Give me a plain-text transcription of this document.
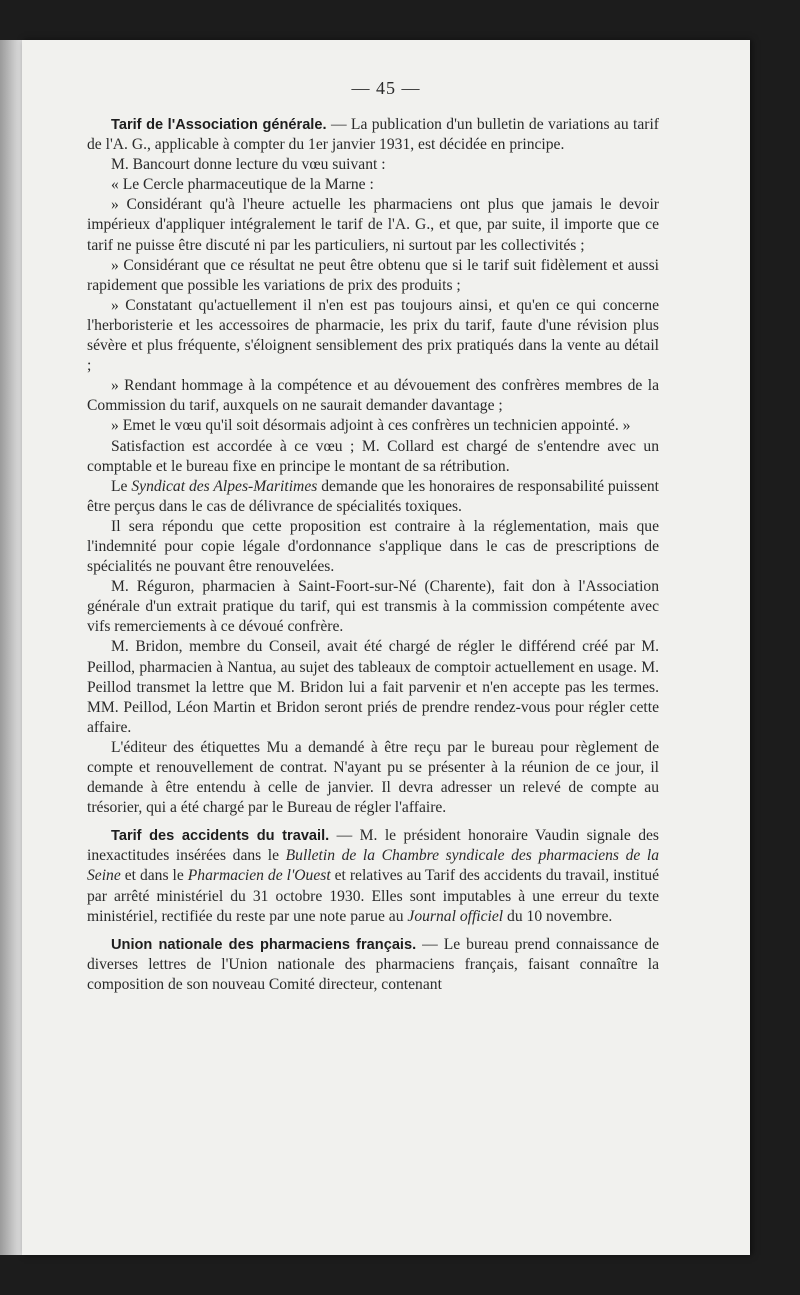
— 45 —

Tarif de l'Association générale. — La publication d'un bulletin de variations au tarif de l'A. G., applicable à compter du 1er janvier 1931, est décidée en principe.

M. Bancourt donne lecture du vœu suivant :

« Le Cercle pharmaceutique de la Marne :

» Considérant qu'à l'heure actuelle les pharmaciens ont plus que jamais le devoir impérieux d'appliquer intégralement le tarif de l'A. G., et que, par suite, il importe que ce tarif ne puisse être discuté ni par les particuliers, ni surtout par les collectivités ;

» Considérant que ce résultat ne peut être obtenu que si le tarif suit fidèlement et aussi rapidement que possible les variations de prix des produits ;

» Constatant qu'actuellement il n'en est pas toujours ainsi, et qu'en ce qui concerne l'herboristerie et les accessoires de pharmacie, les prix du tarif, faute d'une révision plus sévère et plus fréquente, s'éloignent sensiblement des prix pratiqués dans la vente au détail ;

» Rendant hommage à la compétence et au dévouement des confrères membres de la Commission du tarif, auxquels on ne saurait demander davantage ;

» Emet le vœu qu'il soit désormais adjoint à ces confrères un technicien appointé. »

Satisfaction est accordée à ce vœu ; M. Collard est chargé de s'entendre avec un comptable et le bureau fixe en principe le montant de sa rétribution.

Le Syndicat des Alpes-Maritimes demande que les honoraires de responsabilité puissent être perçus dans le cas de délivrance de spécialités toxiques.

Il sera répondu que cette proposition est contraire à la réglementation, mais que l'indemnité pour copie légale d'ordonnance s'applique dans le cas de prescriptions de spécialités ne pouvant être renouvelées.

M. Réguron, pharmacien à Saint-Foort-sur-Né (Charente), fait don à l'Association générale d'un extrait pratique du tarif, qui est transmis à la commission compétente avec vifs remerciements à ce dévoué confrère.

M. Bridon, membre du Conseil, avait été chargé de régler le différend créé par M. Peillod, pharmacien à Nantua, au sujet des tableaux de comptoir actuellement en usage. M. Peillod transmet la lettre que M. Bridon lui a fait parvenir et n'en accepte pas les termes. MM. Peillod, Léon Martin et Bridon seront priés de prendre rendez-vous pour régler cette affaire.

L'éditeur des étiquettes Mu a demandé à être reçu par le bureau pour règlement de compte et renouvellement de contrat. N'ayant pu se présenter à la réunion de ce jour, il demande à être entendu à celle de janvier. Il devra adresser un relevé de compte au trésorier, qui a été chargé par le Bureau de régler l'affaire.

Tarif des accidents du travail. — M. le président honoraire Vaudin signale des inexactitudes insérées dans le Bulletin de la Chambre syndicale des pharmaciens de la Seine et dans le Pharmacien de l'Ouest et relatives au Tarif des accidents du travail, institué par arrêté ministériel du 31 octobre 1930. Elles sont imputables à une erreur du texte ministériel, rectifiée du reste par une note parue au Journal officiel du 10 novembre.

Union nationale des pharmaciens français. — Le bureau prend connaissance de diverses lettres de l'Union nationale des pharmaciens français, faisant connaître la composition de son nouveau Comité directeur, contenant
